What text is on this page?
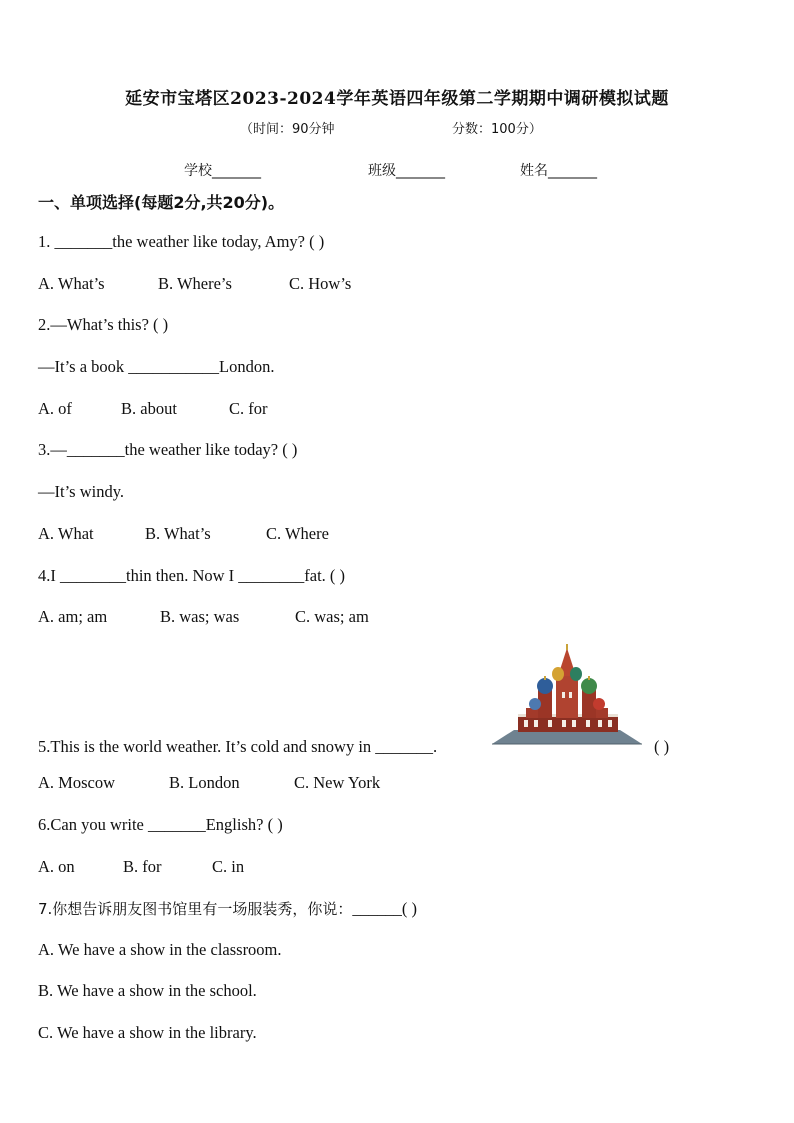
延安市宝塔区2023-2024学年英语四年级第二学期期中调研模拟试题
（时间：90分钟	分数：100分）
学校_______	班级_______	姓名_______
一、单项选择(每题2分,共20分)。
1. _______the weather like today, Amy? ( )
A. What’s	B. Where’s	C. How’s
2.—What’s this? ( )
—It’s a book ___________London.
A. of	B. about	C. for
3.—_______the weather like today? ( )
—It’s windy.
A. What	B. What’s	C. Where
4.I ________thin then. Now I ________fat. ( )
A. am; am	B. was; was	C. was; am
5.This is the world weather. It’s cold and snowy in _______.	( )
A. Moscow	B. London	C. New York
6.Can you write _______English? ( )
A. on	B. for	C. in
7.你想告诉朋友图书馆里有一场服装秀，你说：______( )
A. We have a show in the classroom.
B. We have a show in the school.
C. We have a show in the library.
